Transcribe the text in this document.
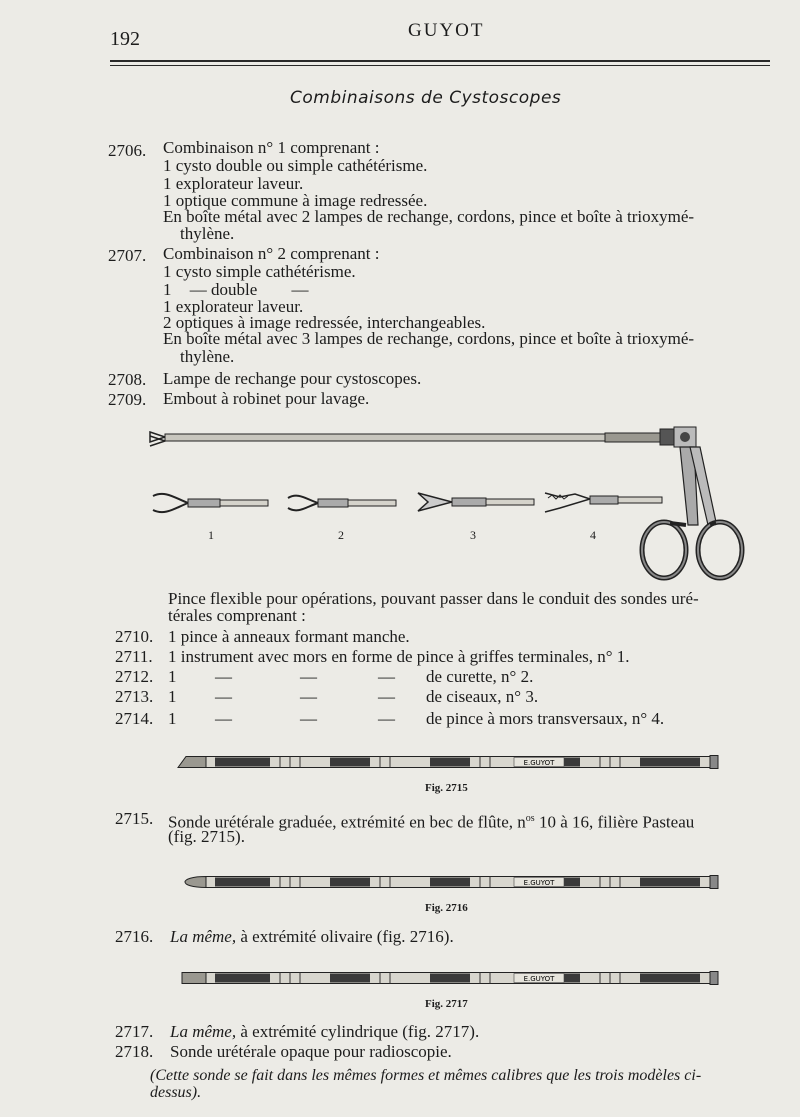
192	GUYOT
Combinaisons de Cystoscopes
2706. Combinaison n° 1 comprenant :
1 cysto double ou simple cathétérisme.
1 explorateur laveur.
1 optique commune à image redressée.
En boîte métal avec 2 lampes de rechange, cordons, pince et boîte à trioxymé-
thylène.
2707. Combinaison n° 2 comprenant :
1 cysto simple cathétérisme.
1 — double —
1 explorateur laveur.
2 optiques à image redressée, interchangeables.
En boîte métal avec 3 lampes de rechange, cordons, pince et boîte à trioxymé-
thylène.
2708. Lampe de rechange pour cystoscopes.
2709. Embout à robinet pour lavage.
1	2	3	4
Pince flexible pour opérations, pouvant passer dans le conduit des sondes uré-
térales comprenant :
2710. 1 pince à anneaux formant manche.
2711. 1 instrument avec mors en forme de pince à griffes terminales, n° 1.
2712. 1 —	—	— de curette, n° 2.
2713. 1 —	—	— de ciseaux, n° 3.
2714. 1 —	—	— de pince à mors transversaux, n° 4.
E.GUYOT
E.GUYOT
E.GUYOT
Fig. 2715
2715. Sonde urétérale graduée, extrémité en bec de flûte, $n^{os}$ 10 à 16, filière Pasteau
(fig. 2715).
Fig. 2716
2716. La même, à extrémité olivaire (fig. 2716).
Fig. 2717
2717. La même, à extrémité cylindrique (fig. 2717).
2718. Sonde urétérale opaque pour radioscopie.
(Cette sonde se fait dans les mêmes formes et mêmes calibres que les trois modèles ci-
dessus).
